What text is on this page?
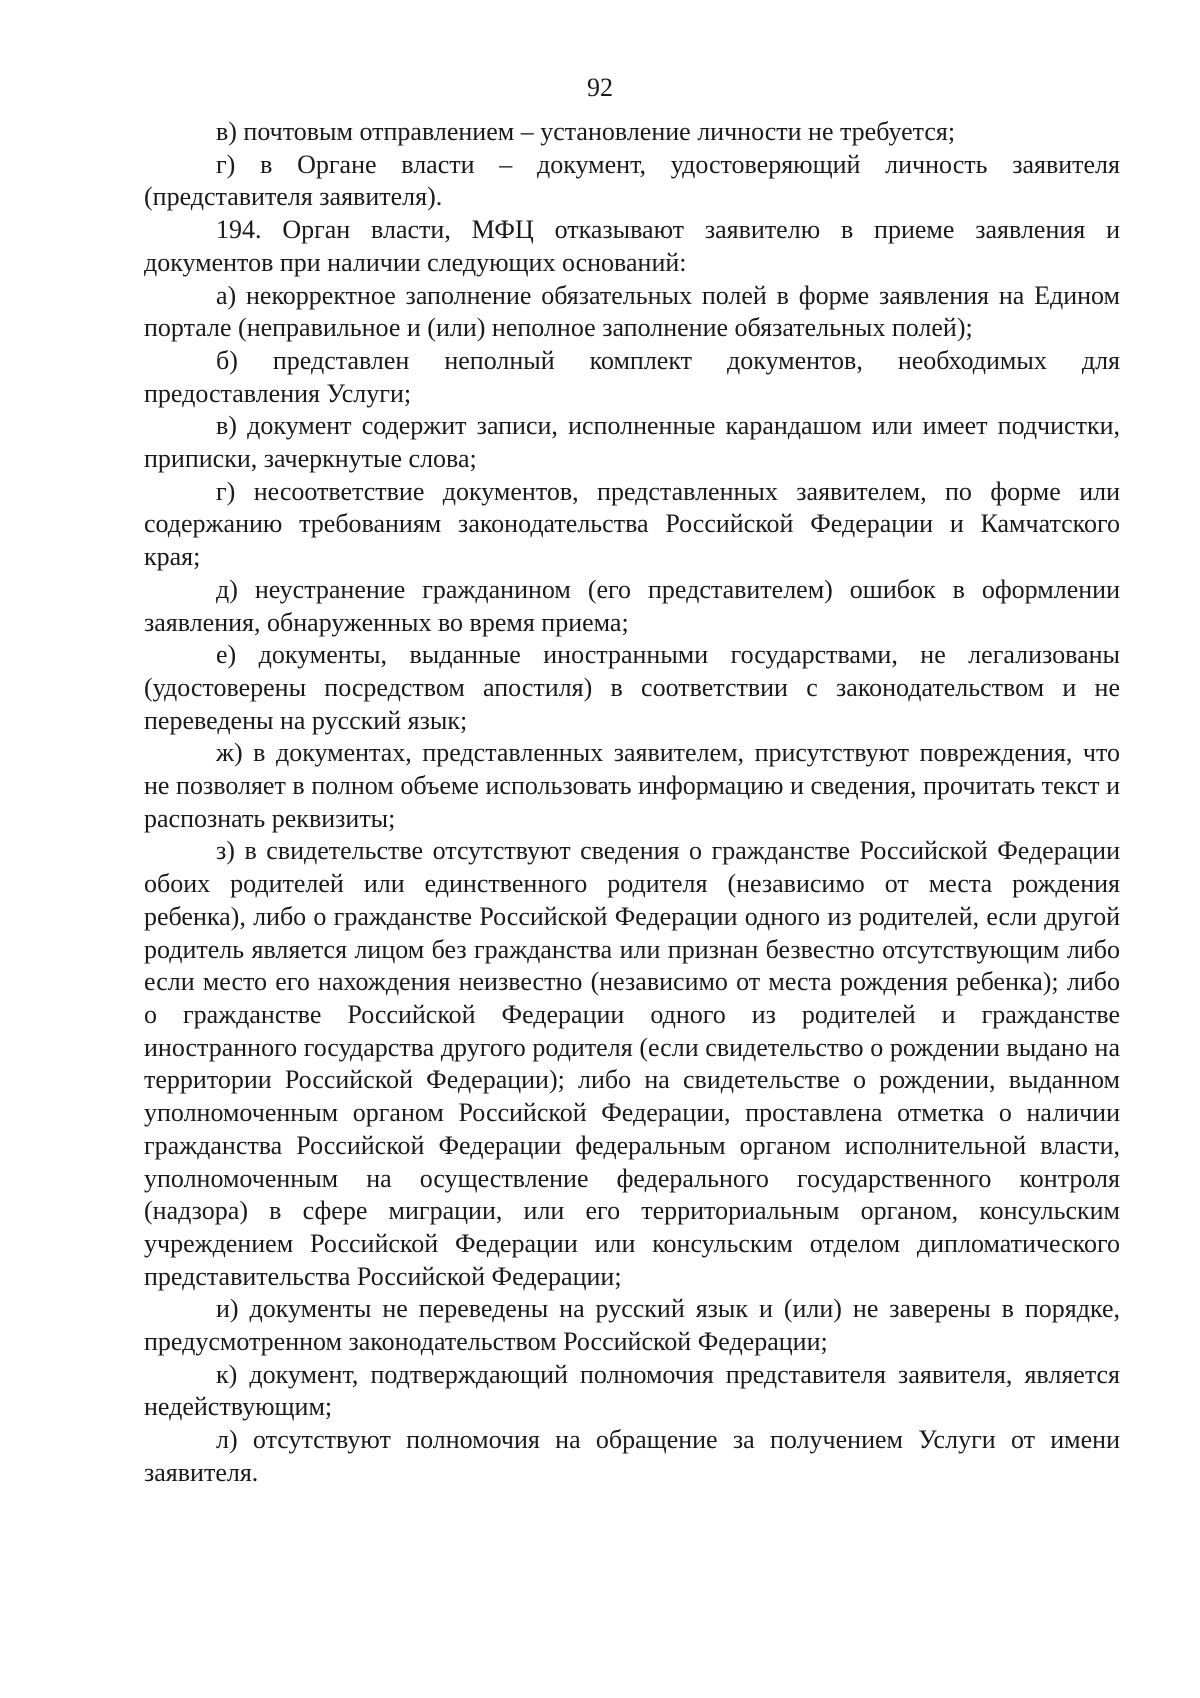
92

в) почтовым отправлением – установление личности не требуется;

г) в Органе власти – документ, удостоверяющий личность заявителя (представителя заявителя).

194. Орган власти, МФЦ отказывают заявителю в приеме заявления и документов при наличии следующих оснований:

а) некорректное заполнение обязательных полей в форме заявления на Едином портале (неправильное и (или) неполное заполнение обязательных полей);

б) представлен неполный комплект документов, необходимых для предоставления Услуги;

в) документ содержит записи, исполненные карандашом или имеет подчистки, приписки, зачеркнутые слова;

г) несоответствие документов, представленных заявителем, по форме или содержанию требованиям законодательства Российской Федерации и Камчатского края;

д) неустранение гражданином (его представителем) ошибок в оформлении заявления, обнаруженных во время приема;

е) документы, выданные иностранными государствами, не легализованы (удостоверены посредством апостиля) в соответствии с законодательством и не переведены на русский язык;

ж) в документах, представленных заявителем, присутствуют повреждения, что не позволяет в полном объеме использовать информацию и сведения, прочитать текст и распознать реквизиты;

з) в свидетельстве отсутствуют сведения о гражданстве Российской Федерации обоих родителей или единственного родителя (независимо от места рождения ребенка), либо о гражданстве Российской Федерации одного из родителей, если другой родитель является лицом без гражданства или признан безвестно отсутствующим либо если место его нахождения неизвестно (независимо от места рождения ребенка); либо о гражданстве Российской Федерации одного из родителей и гражданстве иностранного государства другого родителя (если свидетельство о рождении выдано на территории Российской Федерации); либо на свидетельстве о рождении, выданном уполномоченным органом Российской Федерации, проставлена отметка о наличии гражданства Российской Федерации федеральным органом исполнительной власти, уполномоченным на осуществление федерального государственного контроля (надзора) в сфере миграции, или его территориальным органом, консульским учреждением Российской Федерации или консульским отделом дипломатического представительства Российской Федерации;

и) документы не переведены на русский язык и (или) не заверены в порядке, предусмотренном законодательством Российской Федерации;

к) документ, подтверждающий полномочия представителя заявителя, является недействующим;

л) отсутствуют полномочия на обращение за получением Услуги от имени заявителя.
